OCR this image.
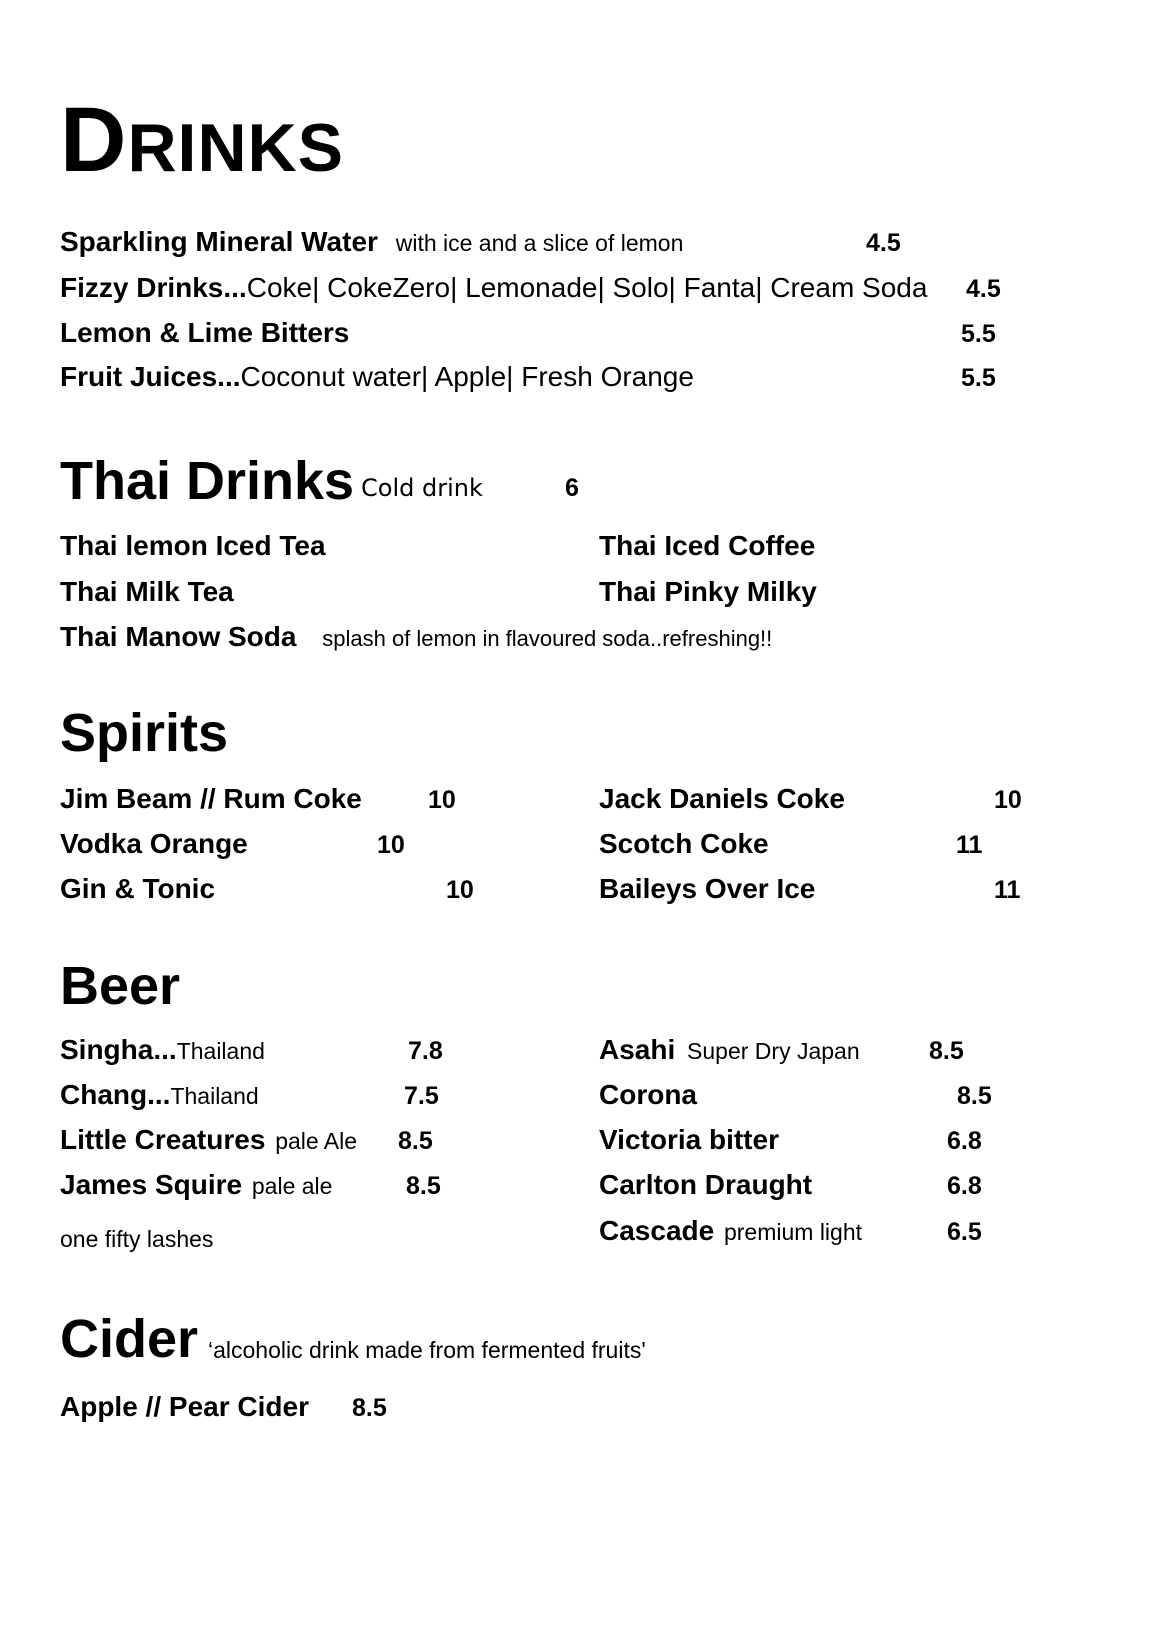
DRINKS
Sparkling Mineral Water with ice and a slice of lemon	4.5
Fizzy Drinks...Coke| CokeZero| Lemonade| Solo| Fanta| Cream Soda 4.5
Lemon & Lime Bitters	5.5
Fruit Juices...Coconut water| Apple| Fresh Orange	5.5
Thai Drinks Cold drink	6
Thai lemon Iced Tea	Thai Iced Coffee
Thai Milk Tea	Thai Pinky Milky
Thai Manow Soda splash of lemon in flavoured soda..refreshing!!
Spirits
Jim Beam // Rum Coke	10	Jack Daniels Coke	10
Vodka Orange	10	Scotch Coke	11
Gin & Tonic	10	Baileys Over Ice	11
Beer
Singha...Thailand	7.8	Asahi Super Dry Japan	8.5
Chang...Thailand	7.5	Corona	8.5
Little Creatures pale Ale 8.5	Victoria bitter	6.8
James Squire pale ale	8.5	Carlton Draught	6.8
one fifty lashes	Cascade premium light	6.5
Cider ‘alcoholic drink made from fermented fruits'
Apple // Pear Cider 8.5
